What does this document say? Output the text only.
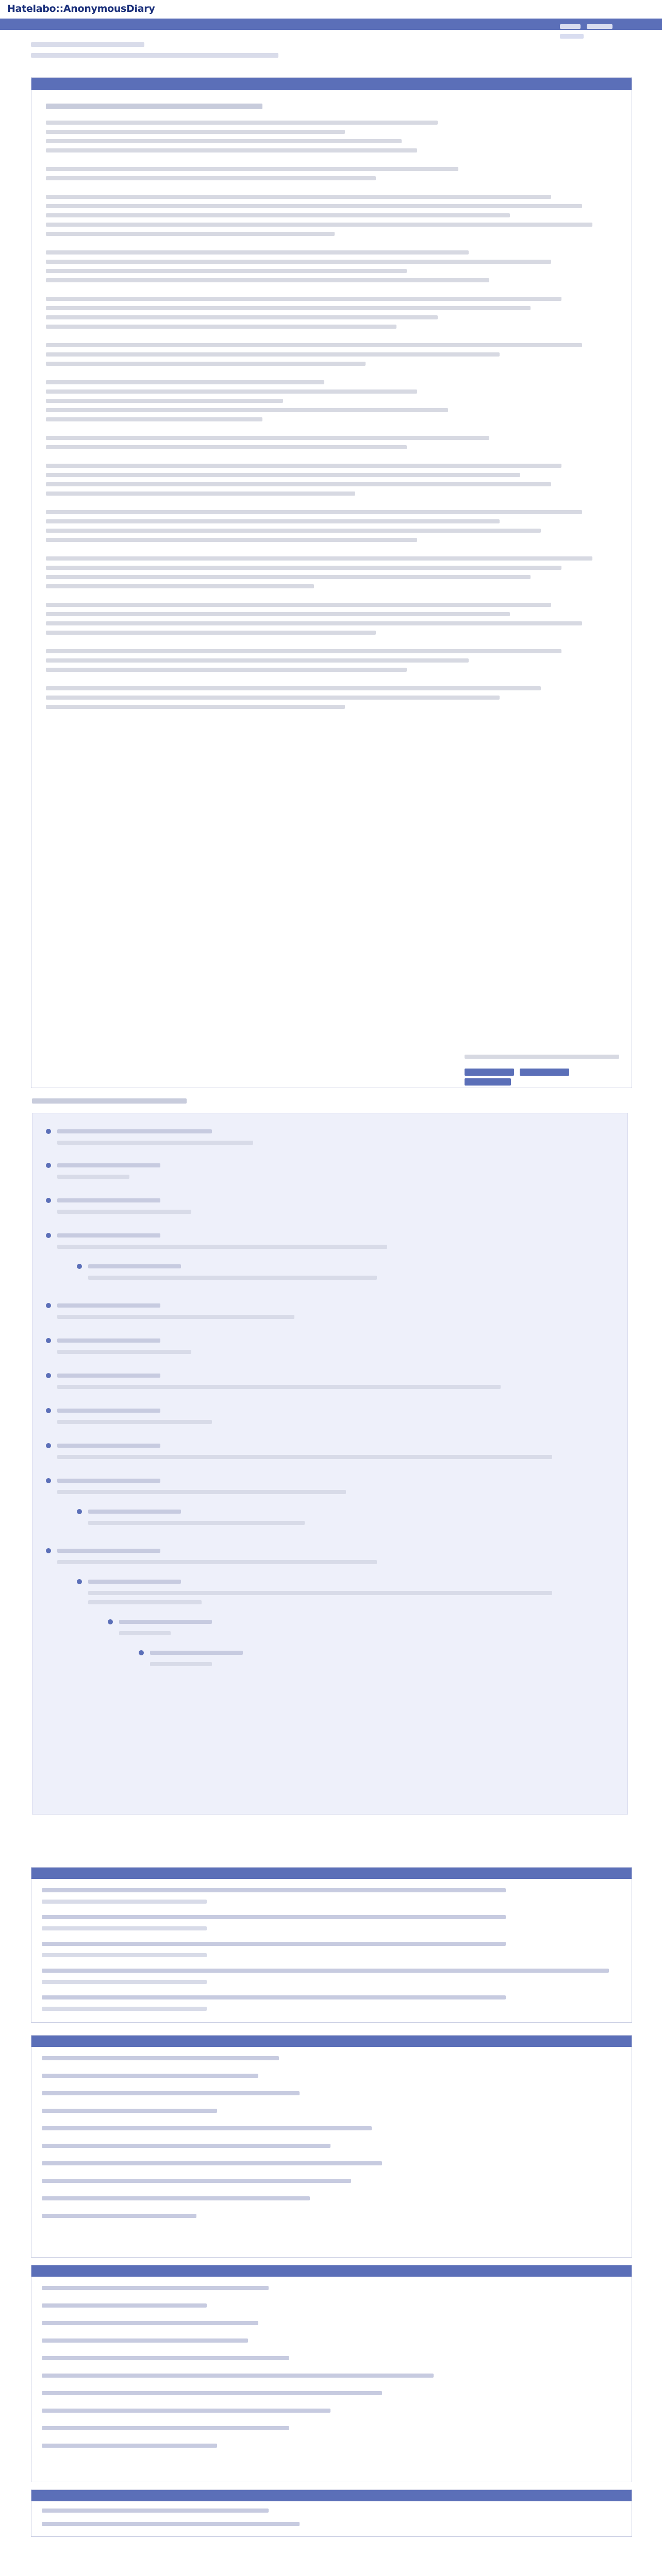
Hatelabo::AnonymousDiary
